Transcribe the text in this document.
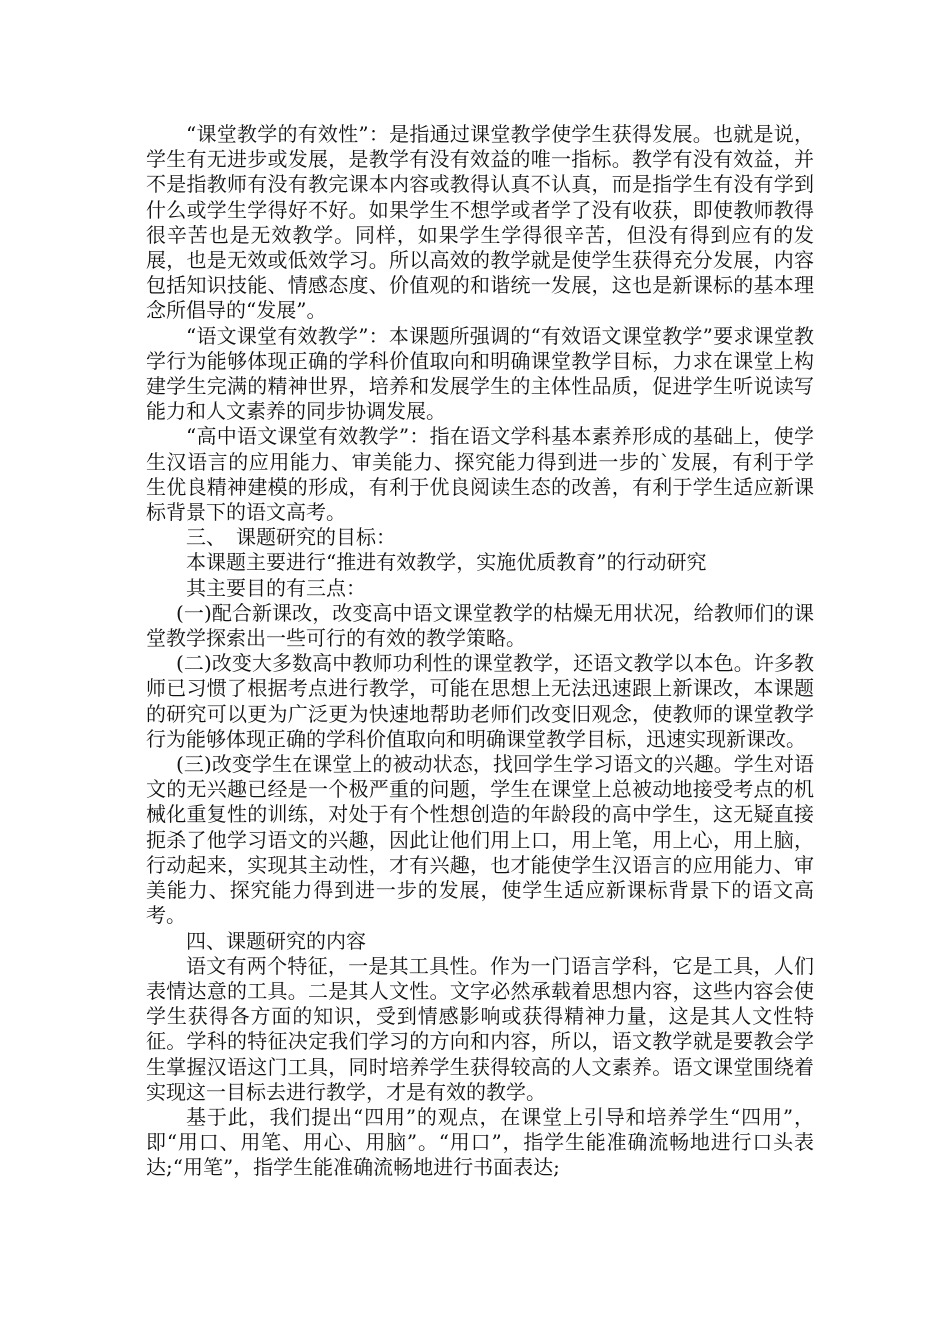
“课堂教学的有效性”：是指通过课堂教学使学生获得发展。也就是说，学生有无进步或发展，是教学有没有效益的唯一指标。教学有没有效益，并不是指教师有没有教完课本内容或教得认真不认真，而是指学生有没有学到什么或学生学得好不好。如果学生不想学或者学了没有收获，即使教师教得很辛苦也是无效教学。同样，如果学生学得很辛苦，但没有得到应有的发展，也是无效或低效学习。所以高效的教学就是使学生获得充分发展，内容包括知识技能、情感态度、价值观的和谐统一发展，这也是新课标的基本理念所倡导的“发展”。

“语文课堂有效教学”：本课题所强调的“有效语文课堂教学”要求课堂教学行为能够体现正确的学科价值取向和明确课堂教学目标，力求在课堂上构建学生完满的精神世界，培养和发展学生的主体性品质，促进学生听说读写能力和人文素养的同步协调发展。

“高中语文课堂有效教学”：指在语文学科基本素养形成的基础上，使学生汉语言的应用能力、审美能力、探究能力得到进一步的`发展，有利于学生优良精神建模的形成，有利于优良阅读生态的改善，有利于学生适应新课标背景下的语文高考。

三、　课题研究的目标：

本课题主要进行“推进有效教学，实施优质教育”的行动研究

其主要目的有三点：

(一)配合新课改，改变高中语文课堂教学的枯燥无用状况，给教师们的课堂教学探索出一些可行的有效的教学策略。

(二)改变大多数高中教师功利性的课堂教学，还语文教学以本色。许多教师已习惯了根据考点进行教学，可能在思想上无法迅速跟上新课改，本课题的研究可以更为广泛更为快速地帮助老师们改变旧观念，使教师的课堂教学行为能够体现正确的学科价值取向和明确课堂教学目标，迅速实现新课改。

(三)改变学生在课堂上的被动状态，找回学生学习语文的兴趣。学生对语文的无兴趣已经是一个极严重的问题，学生在课堂上总被动地接受考点的机械化重复性的训练，对处于有个性想创造的年龄段的高中学生，这无疑直接扼杀了他学习语文的兴趣，因此让他们用上口，用上笔，用上心，用上脑，行动起来，实现其主动性，才有兴趣，也才能使学生汉语言的应用能力、审美能力、探究能力得到进一步的发展，使学生适应新课标背景下的语文高考。

四、课题研究的内容

语文有两个特征，一是其工具性。作为一门语言学科，它是工具，人们表情达意的工具。二是其人文性。文字必然承载着思想内容，这些内容会使学生获得各方面的知识，受到情感影响或获得精神力量，这是其人文性特征。学科的特征决定我们学习的方向和内容，所以，语文教学就是要教会学生掌握汉语这门工具，同时培养学生获得较高的人文素养。语文课堂围绕着实现这一目标去进行教学，才是有效的教学。

基于此，我们提出“四用”的观点，在课堂上引导和培养学生“四用”，即“用口、用笔、用心、用脑”。“用口”，指学生能准确流畅地进行口头表达;“用笔”，指学生能准确流畅地进行书面表达;
